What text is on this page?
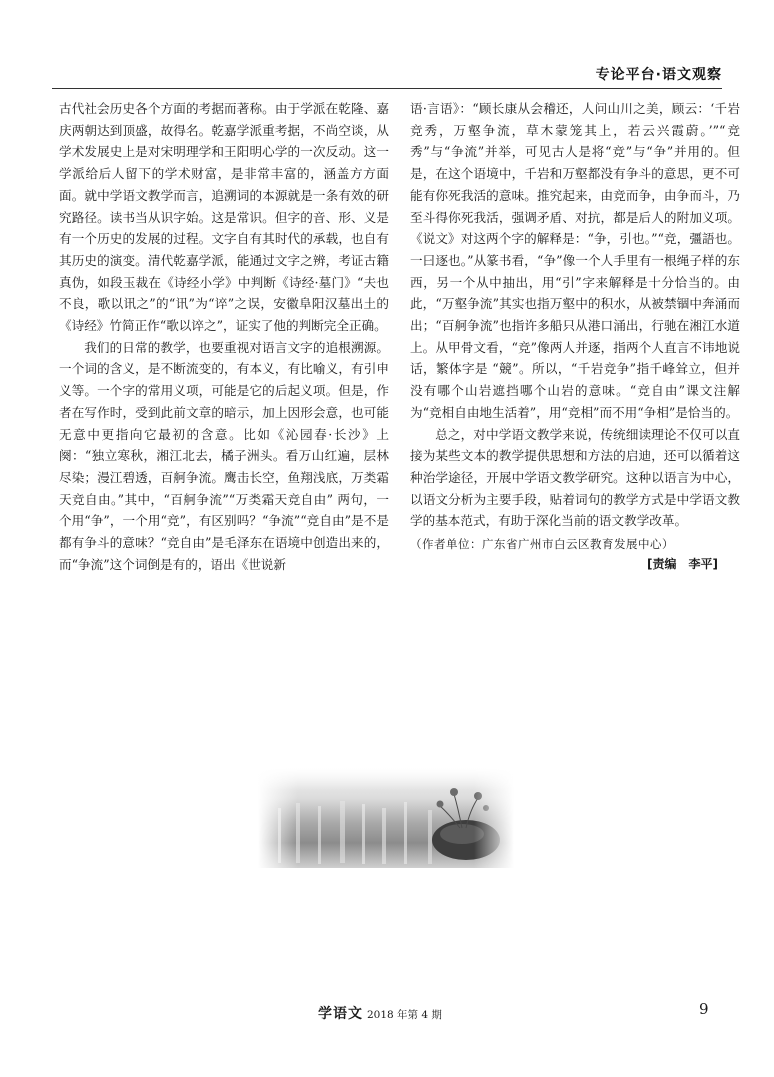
专论平台·语文观察

古代社会历史各个方面的考据而著称。由于学派在乾隆、嘉庆两朝达到顶盛，故得名。乾嘉学派重考据，不尚空谈，从学术发展史上是对宋明理学和王阳明心学的一次反动。这一学派给后人留下的学术财富，是非常丰富的，涵盖方方面面。就中学语文教学而言，追溯词的本源就是一条有效的研究路径。读书当从识字始。这是常识。但字的音、形、义是有一个历史的发展的过程。文字自有其时代的承载，也自有其历史的演变。清代乾嘉学派，能通过文字之辨，考证古籍真伪，如段玉裁在《诗经小学》中判断《诗经·墓门》“夫也不良，歌以讯之”的“讯”为“谇”之误，安徽阜阳汉墓出土的《诗经》竹简正作“歌以谇之”，证实了他的判断完全正确。

我们的日常的教学，也要重视对语言文字的追根溯源。一个词的含义，是不断流变的，有本义，有比喻义，有引申义等。一个字的常用义项，可能是它的后起义项。但是，作者在写作时，受到此前文章的暗示，加上因形会意，也可能无意中更指向它最初的含意。比如《沁园春·长沙》上阕：“独立寒秋，湘江北去，橘子洲头。看万山红遍，层林尽染；漫江碧透，百舸争流。鹰击长空，鱼翔浅底，万类霜天竞自由。”其中，“百舸争流”“万类霜天竞自由” 两句，一个用“争”，一个用“竞”，有区别吗？“争流”“竞自由”是不是都有争斗的意味？“竞自由”是毛泽东在语境中创造出来的，而“争流”这个词倒是有的，语出《世说新

语·言语》：“顾长康从会稽还，人问山川之美，顾云：‘千岩竞秀，万壑争流，草木蒙笼其上，若云兴霞蔚。’”“竞秀”与“争流”并举，可见古人是将“竞”与“争”并用的。但是，在这个语境中，千岩和万壑都没有争斗的意思，更不可能有你死我活的意味。推究起来，由竞而争，由争而斗，乃至斗得你死我活，强调矛盾、对抗，都是后人的附加义项。《说文》对这两个字的解释是：“争，引也。”“竞，彊語也。一曰逐也。”从篆书看，“争”像一个人手里有一根绳子样的东西，另一个从中抽出，用“引”字来解释是十分恰当的。由此，“万壑争流”其实也指万壑中的积水，从被禁锢中奔涌而出；“百舸争流”也指许多船只从港口涌出，行驰在湘江水道上。从甲骨文看，“竞”像两人并逐，指两个人直言不讳地说话，繁体字是 “競”。所以，“千岩竞争”指千峰耸立，但并没有哪个山岩遮挡哪个山岩的意味。“竞自由”课文注解为“竞相自由地生活着”，用“竞相”而不用“争相”是恰当的。

总之，对中学语文教学来说，传统细读理论不仅可以直接为某些文本的教学提供思想和方法的启迪，还可以循着这种治学途径，开展中学语文教学研究。这种以语言为中心，以语文分析为主要手段，贴着词句的教学方式是中学语文教学的基本范式，有助于深化当前的语文教学改革。

（作者单位：广东省广州市白云区教育发展中心）
[责编　李平]
学语文 2018 年第 4 期	9
